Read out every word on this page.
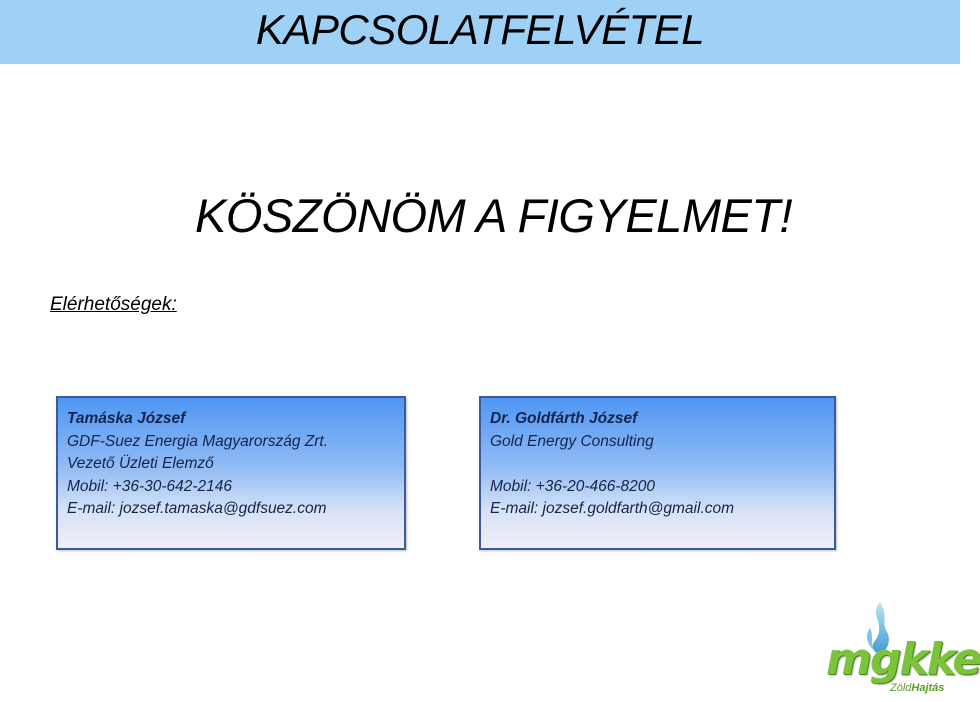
KAPCSOLATFELVÉTEL
KÖSZÖNÖM A FIGYELMET!
Elérhetőségek:
Tamáska József
GDF-Suez Energia Magyarország Zrt.
Vezető Üzleti Elemző
Mobil: +36-30-642-2146
E-mail: jozsef.tamaska@gdfsuez.com
Dr. Goldfárth József
Gold Energy Consulting
Mobil: +36-20-466-8200
E-mail: jozsef.goldfarth@gmail.com
mgkke
ZöldHajtás
